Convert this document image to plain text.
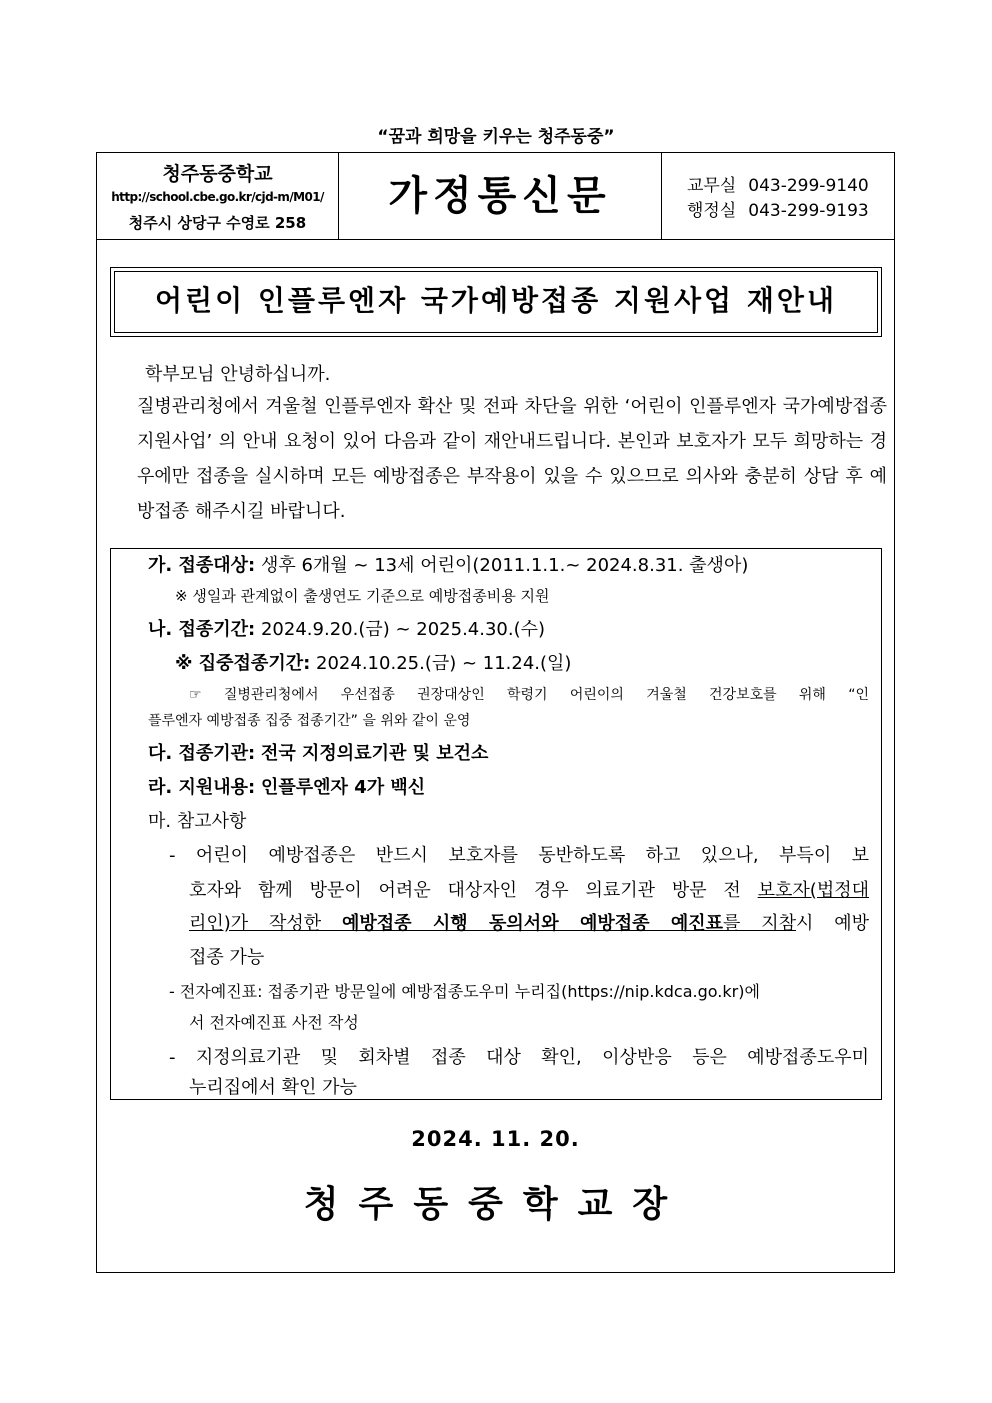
“꿈과 희망을 키우는 청주동중”
청주동중학교
http://school.cbe.go.kr/cjd-m/M01/
청주시 상당구 수영로 258
가정통신문	교무실 043-299-9140
행정실 043-299-9193
어린이 인플루엔자 국가예방접종 지원사업 재안내
학부모님 안녕하십니까.
질병관리청에서 겨울철 인플루엔자 확산 및 전파 차단을 위한 ‘어린이 인플루엔자 국가예방접종 지원사업’ 의 안내 요청이 있어 다음과 같이 재안내드립니다. 본인과 보호자가 모두 희망하는 경우에만 접종을 실시하며 모든 예방접종은 부작용이 있을 수 있으므로 의사와 충분히 상담 후 예방접종 해주시길 바랍니다.
가. 접종대상: 생후 6개월 ~ 13세 어린이(2011.1.1.~ 2024.8.31. 출생아)
※ 생일과 관계없이 출생연도 기준으로 예방접종비용 지원
나. 접종기간: 2024.9.20.(금) ~ 2025.4.30.(수)
※ 집중접종기간: 2024.10.25.(금) ~ 11.24.(일)
☞ 질병관리청에서 우선접종 권장대상인 학령기 어린이의 겨울철 건강보호를 위해 “인
플루엔자 예방접종 집중 접종기간” 을 위와 같이 운영
다. 접종기관: 전국 지정의료기관 및 보건소
라. 지원내용: 인플루엔자 4가 백신
마. 참고사항
- 어린이 예방접종은 반드시 보호자를 동반하도록 하고 있으나, 부득이 보
호자와 함께 방문이 어려운 대상자인 경우 의료기관 방문 전 보호자(법정대
리인)가 작성한 예방접종 시행 동의서와 예방접종 예진표를 지참시 예방
접종 가능
- 전자예진표: 접종기관 방문일에 예방접종도우미 누리집(https://nip.kdca.go.kr)에
서 전자예진표 사전 작성
- 지정의료기관 및 회차별 접종 대상 확인, 이상반응 등은 예방접종도우미
누리집에서 확인 가능
2024. 11. 20.
청주동중학교장
